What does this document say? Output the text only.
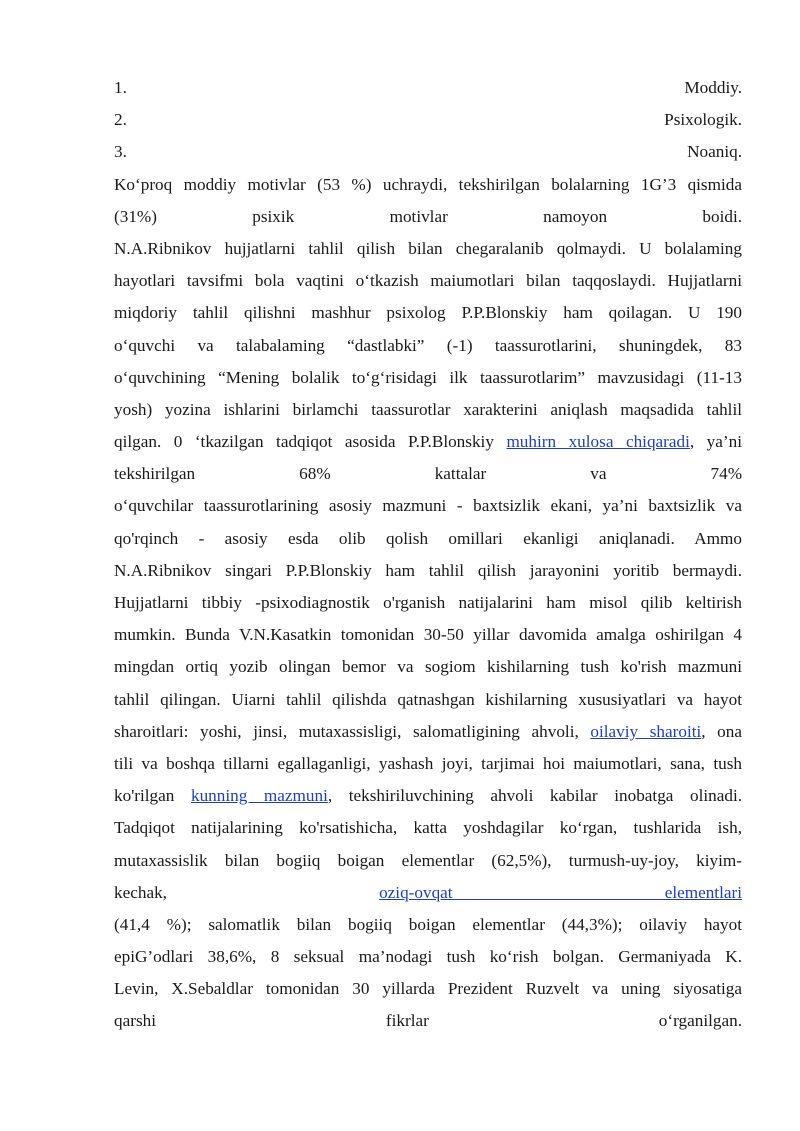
1.	Moddiy.
2.	Psixologik.
3.	Noaniq.
Ko‘proq moddiy motivlar (53 %) uchraydi, tekshirilgan bolalarning 1G’3 qismida
(31%)	psixik	motivlar	namoyon	boidi.
N.A.Ribnikov hujjatlarni tahlil qilish bilan chegaralanib qolmaydi. U bolalaming
hayotlari tavsifmi bola vaqtini o‘tkazish maiumotlari bilan taqqoslaydi. Hujjatlarni
miqdoriy tahlil qilishni mashhur psixolog P.P.Blonskiy ham qoilagan. U 190
o‘quvchi va talabalaming “dastlabki” (-1) taassurotlarini, shuningdek, 83
o‘quvchining “Mening bolalik to‘g‘risidagi ilk taassurotlarim” mavzusidagi (11-13
yosh) yozina ishlarini birlamchi taassurotlar xarakterini aniqlash maqsadida tahlil
qilgan. 0 ‘tkazilgan tadqiqot asosida P.P.Blonskiy muhirn xulosa chiqaradi, ya’ni
tekshirilgan	68%	kattalar	va	74%
o‘quvchilar taassurotlarining asosiy mazmuni - baxtsizlik ekani, ya’ni baxtsizlik va
qo'rqinch - asosiy esda olib qolish omillari ekanligi aniqlanadi. Ammo
N.A.Ribnikov singari P.P.Blonskiy ham tahlil qilish jarayonini yoritib bermaydi.
Hujjatlarni tibbiy -psixodiagnostik o'rganish natijalarini ham misol qilib keltirish
mumkin. Bunda V.N.Kasatkin tomonidan 30-50 yillar davomida amalga oshirilgan 4
mingdan ortiq yozib olingan bemor va sogiom kishilarning tush ko'rish mazmuni
tahlil qilingan. Uiarni tahlil qilishda qatnashgan kishilarning xususiyatlari va hayot
sharoitlari: yoshi, jinsi, mutaxassisligi, salomatligining ahvoli, oilaviy sharoiti, ona
tili va boshqa tillarni egallaganligi, yashash joyi, tarjimai hoi maiumotlari, sana, tush
ko'rilgan kunning mazmuni, tekshiriluvchining ahvoli kabilar inobatga olinadi.
Tadqiqot natijalarining ko'rsatishicha, katta yoshdagilar ko‘rgan, tushlarida ish,
mutaxassislik bilan bogiiq boigan elementlar (62,5%), turmush-uy-joy, kiyim-
kechak,	oziq-ovqat elementlari
(41,4 %); salomatlik bilan bogiiq boigan elementlar (44,3%); oilaviy hayot
epiG’odlari 38,6%, 8 seksual ma’nodagi tush ko‘rish bolgan. Germaniyada K.
Levin, X.Sebaldlar tomonidan 30 yillarda Prezident Ruzvelt va uning siyosatiga
qarshi	fikrlar	o‘rganilgan.
